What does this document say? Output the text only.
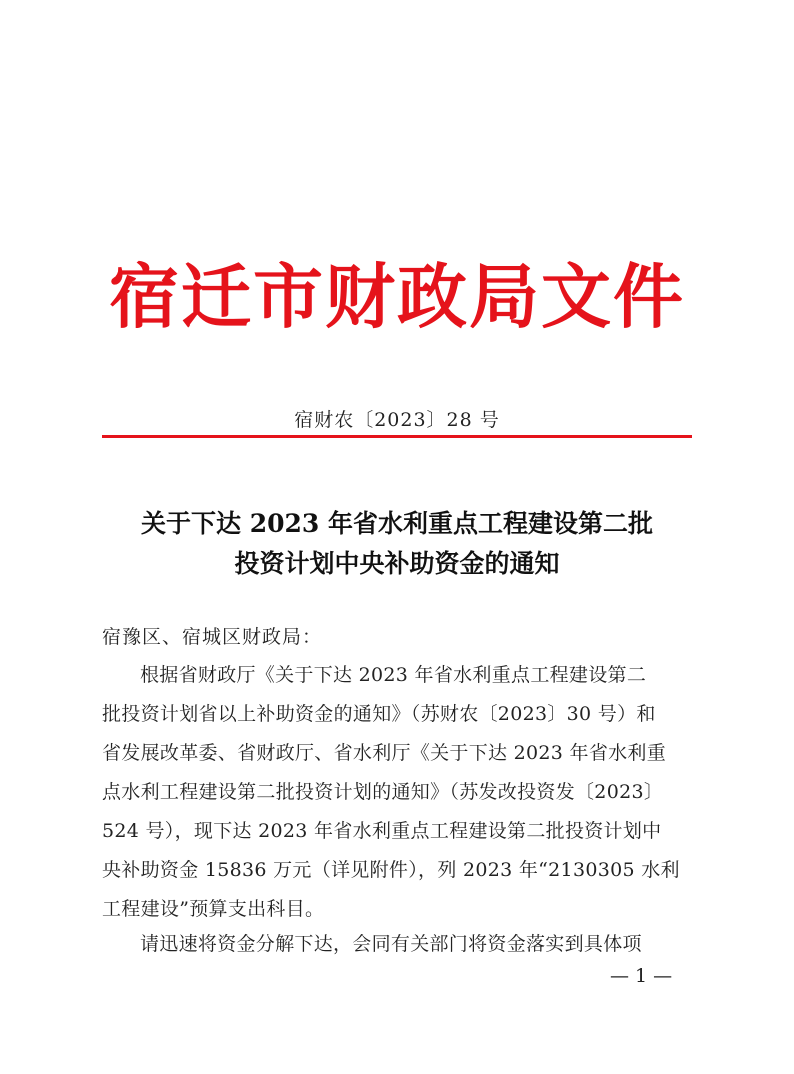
宿迁市财政局文件
宿财农〔2023〕28 号
关于下达 2023 年省水利重点工程建设第二批
投资计划中央补助资金的通知
宿豫区、宿城区财政局：
根据省财政厅《关于下达 2023 年省水利重点工程建设第二
批投资计划省以上补助资金的通知》（苏财农〔2023〕30 号）和
省发展改革委、省财政厅、省水利厅《关于下达 2023 年省水利重
点水利工程建设第二批投资计划的通知》（苏发改投资发〔2023〕
524 号），现下达 2023 年省水利重点工程建设第二批投资计划中
央补助资金 15836 万元（详见附件），列 2023 年“2130305 水利
工程建设”预算支出科目。
请迅速将资金分解下达，会同有关部门将资金落实到具体项
— 1 —
